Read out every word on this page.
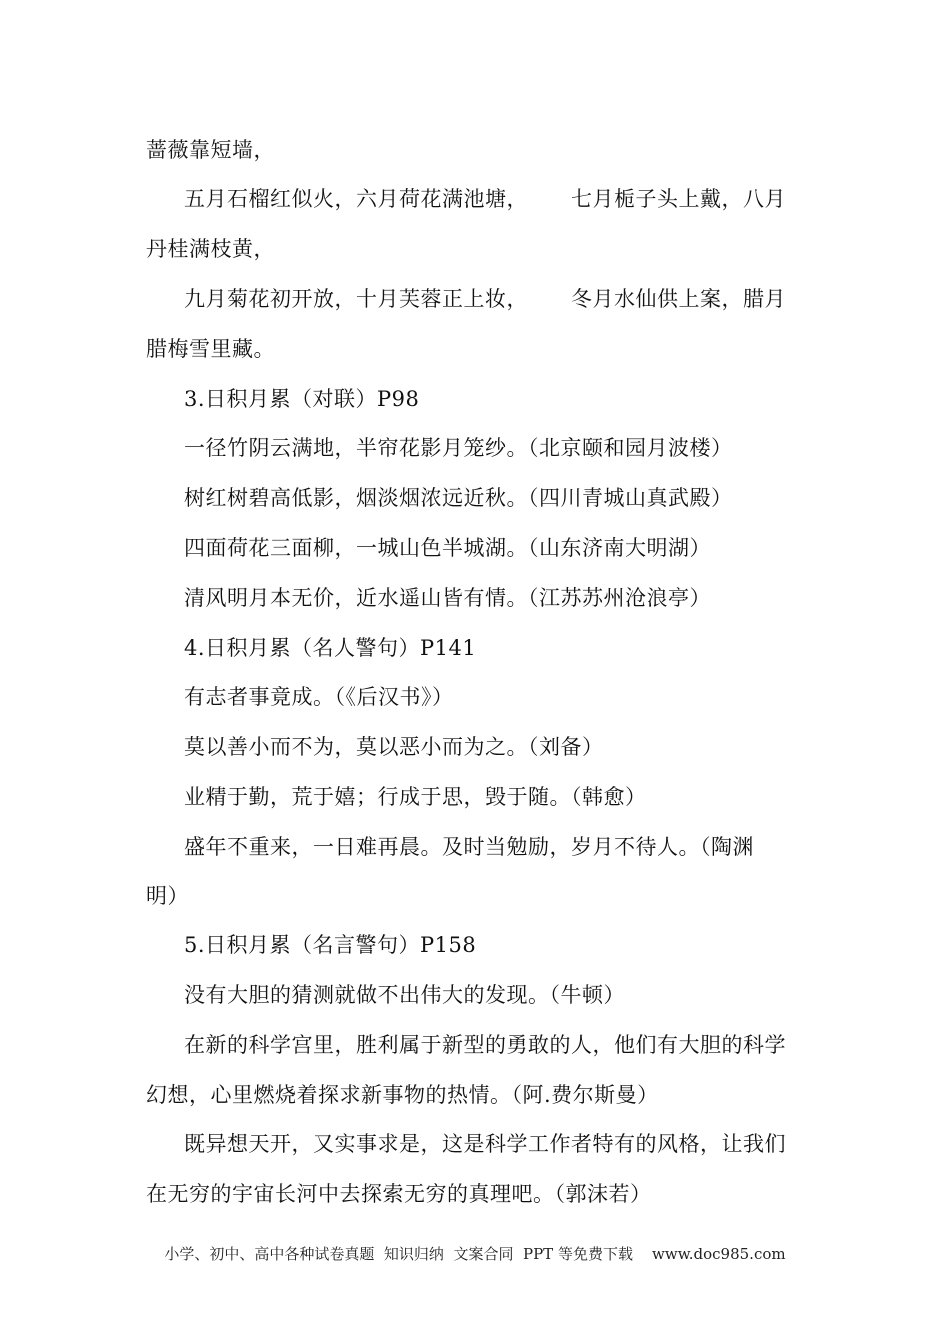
蔷薇靠短墙，
五月石榴红似火，六月荷花满池塘，      七月栀子头上戴，八月
丹桂满枝黄，
九月菊花初开放，十月芙蓉正上妆，      冬月水仙供上案，腊月
腊梅雪里藏。
3.日积月累（对联）P98
一径竹阴云满地，半帘花影月笼纱。（北京颐和园月波楼）
树红树碧高低影，烟淡烟浓远近秋。（四川青城山真武殿）
四面荷花三面柳，一城山色半城湖。（山东济南大明湖）
清风明月本无价，近水遥山皆有情。（江苏苏州沧浪亭）
4.日积月累（名人警句）P141
有志者事竟成。（《后汉书》）
莫以善小而不为，莫以恶小而为之。（刘备）
业精于勤，荒于嬉；行成于思，毁于随。（韩愈）
盛年不重来，一日难再晨。及时当勉励，岁月不待人。（陶渊
明）
5.日积月累（名言警句）P158
没有大胆的猜测就做不出伟大的发现。（牛顿）
在新的科学宫里，胜利属于新型的勇敢的人，他们有大胆的科学
幻想，心里燃烧着探求新事物的热情。（阿.费尔斯曼）
既异想天开，又实事求是，这是科学工作者特有的风格，让我们
在无穷的宇宙长河中去探索无穷的真理吧。（郭沫若）
小学、初中、高中各种试卷真题  知识归纳  文案合同  PPT 等免费下载    www.doc985.com
